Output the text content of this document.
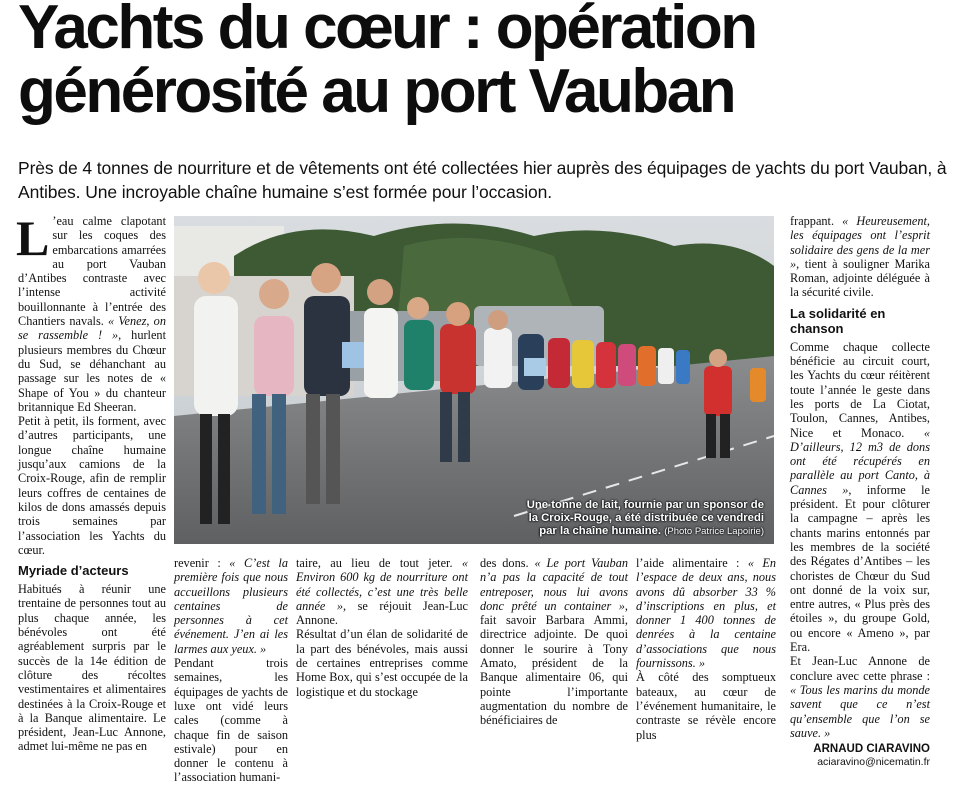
Yachts du cœur : opération générosité au port Vauban

Près de 4 tonnes de nourriture et de vêtements ont été collectées hier auprès des équipages de yachts du port Vauban, à Antibes. Une incroyable chaîne humaine s’est formée pour l’occasion.

L ’eau calme clapotant sur les coques des embarcations amarrées au port Vauban d’Antibes contraste avec l’intense activité bouillonnante à l’entrée des Chantiers navals. « Venez, on se rassemble ! », hurlent plusieurs membres du Chœur du Sud, se déhanchant au passage sur les notes de « Shape of You » du chanteur britannique Ed Sheeran.

Petit à petit, ils forment, avec d’autres participants, une longue chaîne humaine jusqu’aux camions de la Croix-Rouge, afin de remplir leurs coffres de centaines de kilos de dons amassés depuis trois semaines par l’association les Yachts du cœur.

Myriade d’acteurs

Habitués à réunir une trentaine de personnes tout au plus chaque année, les bénévoles ont été agréablement surpris par le succès de la 14e édition de clôture des récoltes vestimentaires et alimentaires destinées à la Croix-Rouge et à la Banque alimentaire. Le président, Jean-Luc Annone, admet lui-même ne pas en

Une tonne de lait, fournie par un sponsor de la Croix-Rouge, a été distribuée ce vendredi par la chaîne humaine. (Photo Patrice Lapoirie)

revenir : « C’est la première fois que nous accueillons plusieurs centaines de personnes à cet événement. J’en ai les larmes aux yeux. »

Pendant trois semaines, les équipages de yachts de luxe ont vidé leurs cales (comme à chaque fin de saison estivale) pour en donner le contenu à l’association humani-

taire, au lieu de tout jeter. « Environ 600 kg de nourriture ont été collectés, c’est une très belle année », se réjouit Jean-Luc Annone.

Résultat d’un élan de solidarité de la part des bénévoles, mais aussi de certaines entreprises comme Home Box, qui s’est occupée de la logistique et du stockage

des dons. « Le port Vauban n’a pas la capacité de tout entreposer, nous lui avons donc prêté un container », fait savoir Barbara Ammi, directrice adjointe. De quoi donner le sourire à Tony Amato, président de la Banque alimentaire 06, qui pointe l’importante augmentation du nombre de bénéficiaires de

l’aide alimentaire : « En l’espace de deux ans, nous avons dû absorber 33 % d’inscriptions en plus, et donner 1 400 tonnes de denrées à la centaine d’associations que nous fournissons. »

À côté des somptueux bateaux, au cœur de l’événement humanitaire, le contraste se révèle encore plus

frappant. « Heureusement, les équipages ont l’esprit solidaire des gens de la mer », tient à souligner Marika Roman, adjointe déléguée à la sécurité civile.

La solidarité en chanson

Comme chaque collecte bénéficie au circuit court, les Yachts du cœur réitèrent toute l’année le geste dans les ports de La Ciotat, Toulon, Cannes, Antibes, Nice et Monaco. « D’ailleurs, 12 m3 de dons ont été récupérés en parallèle au port Canto, à Cannes », informe le président. Et pour clôturer la campagne – après les chants marins entonnés par les membres de la société des Régates d’Antibes – les choristes de Chœur du Sud ont donné de la voix sur, entre autres, « Plus près des étoiles », du groupe Gold, ou encore « Ameno », par Era.

Et Jean-Luc Annone de conclure avec cette phrase : « Tous les marins du monde savent que ce n’est qu’ensemble que l’on se sauve. »

ARNAUD CIARAVINO
aciaravino@nicematin.fr
